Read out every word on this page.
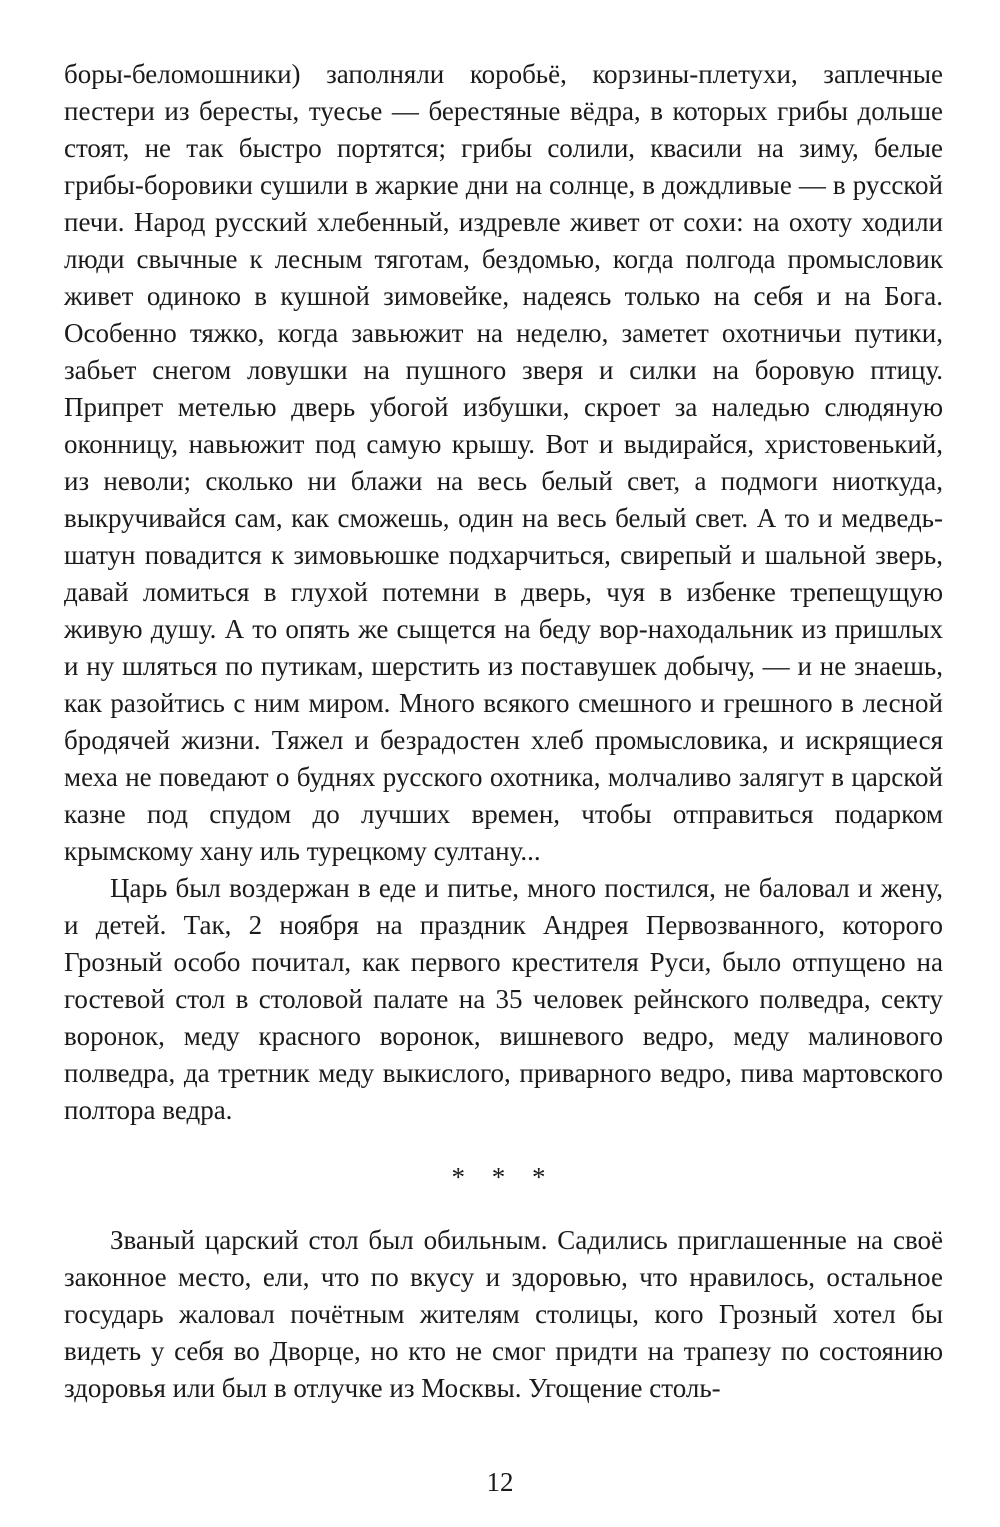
боры-беломошники) заполняли коробьё, корзины-плетухи, заплечные пестери из бересты, туесье — берестяные вёдра, в которых грибы дольше стоят, не так быстро портятся; грибы солили, квасили на зиму, белые грибы-боровики сушили в жаркие дни на солнце, в дождливые — в русской печи. Народ русский хлебенный, издревле живет от сохи: на охоту ходили люди свычные к лесным тяготам, бездомью, когда полгода промысловик живет одиноко в кушной зимовейке, надеясь только на себя и на Бога. Особенно тяжко, когда завьюжит на неделю, заметет охотничьи путики, забьет снегом ловушки на пушного зверя и силки на боровую птицу. Припрет метелью дверь убогой избушки, скроет за наледью слюдяную оконницу, навьюжит под самую крышу. Вот и выдирайся, христовенький, из неволи; сколько ни блажи на весь белый свет, а подмоги ниоткуда, выкручивайся сам, как сможешь, один на весь белый свет. А то и медведь-шатун повадится к зимовьюшке подхарчиться, свирепый и шальной зверь, давай ломиться в глухой потемни в дверь, чуя в избенке трепещущую живую душу. А то опять же сыщется на беду вор-находальник из пришлых и ну шляться по путикам, шерстить из поставушек добычу, — и не знаешь, как разойтись с ним миром. Много всякого смешного и грешного в лесной бродячей жизни. Тяжел и безрадостен хлеб промысловика, и искрящиеся меха не поведают о буднях русского охотника, молчаливо залягут в царской казне под спудом до лучших времен, чтобы отправиться подарком крымскому хану иль турецкому султану...

Царь был воздержан в еде и питье, много постился, не баловал и жену, и детей. Так, 2 ноября на праздник Андрея Первозванного, которого Грозный особо почитал, как первого крестителя Руси, было отпущено на гостевой стол в столовой палате на 35 человек рейнского полведра, секту воронок, меду красного воронок, вишневого ведро, меду малинового полведра, да третник меду выкислого, приварного ведро, пива мартовского полтора ведра.

* * *

Званый царский стол был обильным. Садились приглашенные на своё законное место, ели, что по вкусу и здоровью, что нравилось, остальное государь жаловал почётным жителям столицы, кого Грозный хотел бы видеть у себя во Дворце, но кто не смог придти на трапезу по состоянию здоровья или был в отлучке из Москвы. Угощение столь-

12
